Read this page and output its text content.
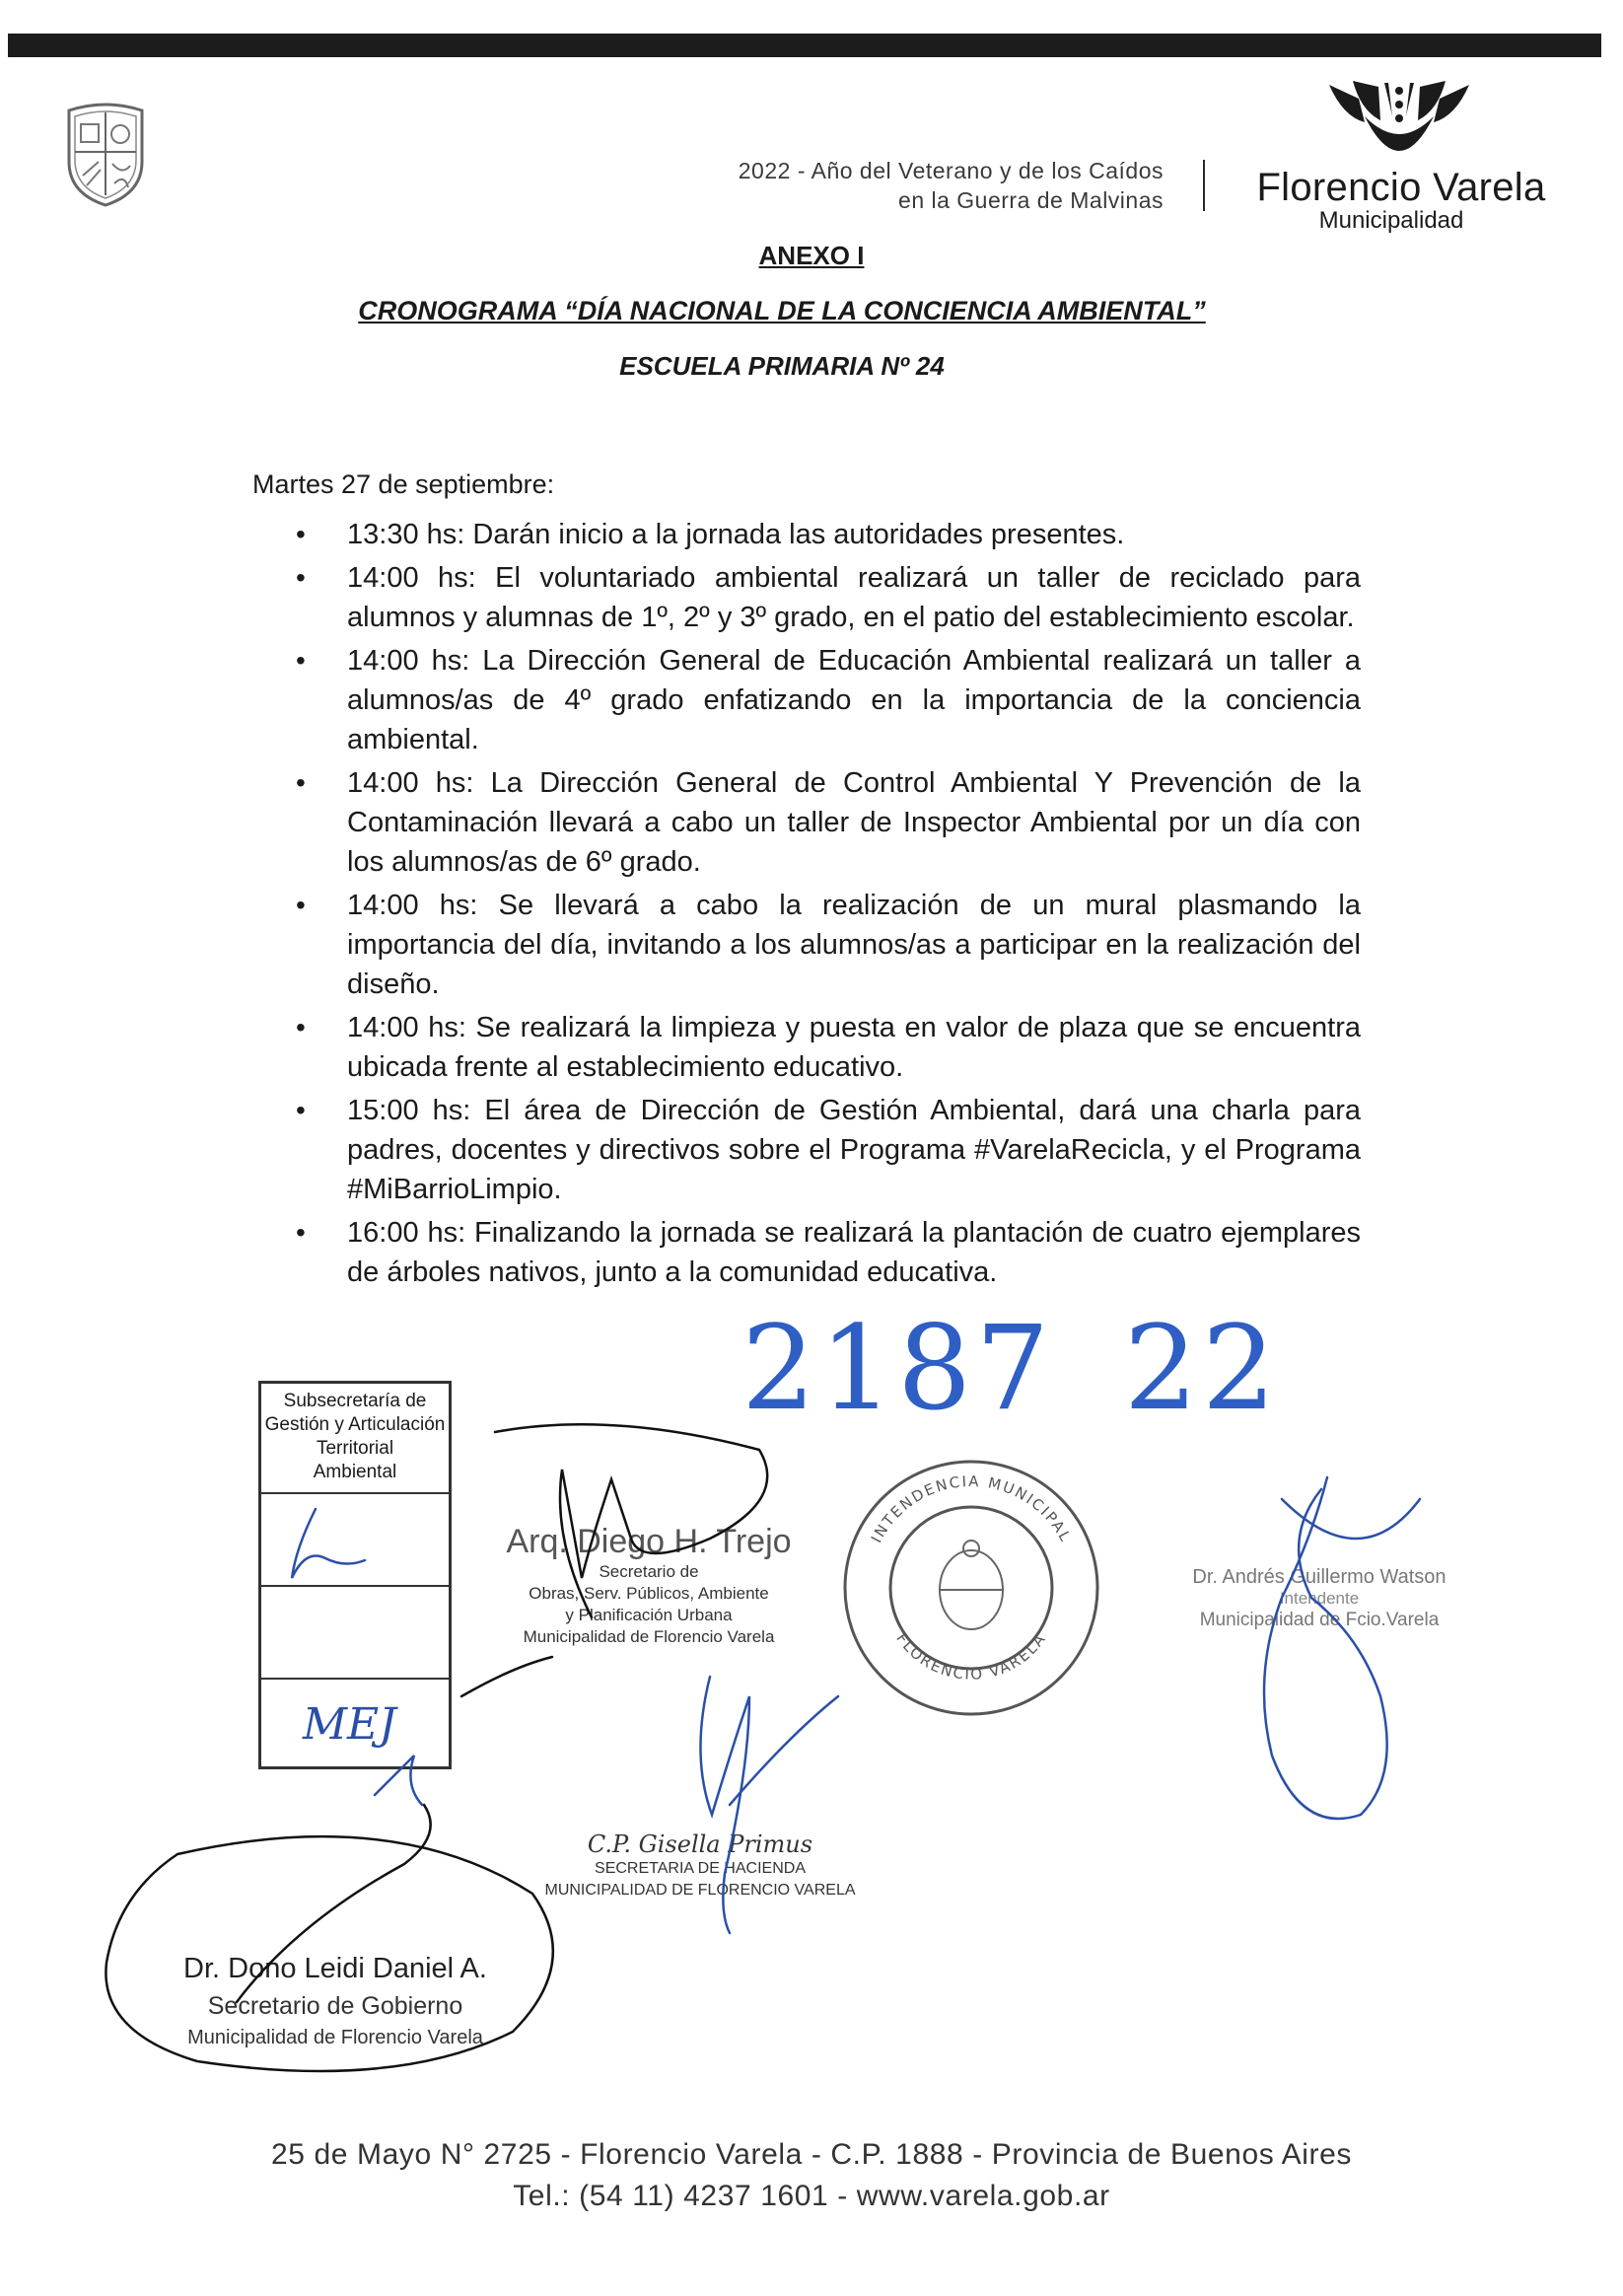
2022 - Año del Veterano y de los Caídos
en la Guerra de Malvinas Florencio Varela
Municipalidad
ANEXO I
CRONOGRAMA “DÍA NACIONAL DE LA CONCIENCIA AMBIENTAL”
ESCUELA PRIMARIA Nº 24
Martes 27 de septiembre:
• 13:30 hs: Darán inicio a la jornada las autoridades presentes.
• 14:00 hs: El voluntariado ambiental realizará un taller de reciclado para alumnos y alumnas de 1º, 2º y 3º grado, en el patio del establecimiento escolar.
• 14:00 hs: La Dirección General de Educación Ambiental realizará un taller a alumnos/as de 4º grado enfatizando en la importancia de la conciencia ambiental.
• 14:00 hs: La Dirección General de Control Ambiental Y Prevención de la Contaminación llevará a cabo un taller de Inspector Ambiental por un día con los alumnos/as de 6º grado.
• 14:00 hs: Se llevará a cabo la realización de un mural plasmando la importancia del día, invitando a los alumnos/as a participar en la realización del diseño.
• 14:00 hs: Se realizará la limpieza y puesta en valor de plaza que se encuentra ubicada frente al establecimiento educativo.
• 15:00 hs: El área de Dirección de Gestión Ambiental, dará una charla para padres, docentes y directivos sobre el Programa #VarelaRecicla, y el Programa #MiBarrioLimpio.
• 16:00 hs: Finalizando la jornada se realizará la plantación de cuatro ejemplares de árboles nativos, junto a la comunidad educativa.
2187 22
Subsecretaría de
Gestión y Articulación
Territorial
Ambiental
MEJ
Arq. Diego H. Trejo
Secretario de
Obras, Serv. Públicos, Ambiente
y Planificación Urbana
Municipalidad de Florencio Varela
INTENDENCIA MUNICIPAL
FLORENCIO VARELA
Dr. Andrés Guillermo Watson
Intendente
Municipalidad de Fcio.Varela
C.P. Gisella Primus
SECRETARIA DE HACIENDA
MUNICIPALIDAD DE FLORENCIO VARELA
Dr. Dono Leidi Daniel A.
Secretario de Gobierno
Municipalidad de Florencio Varela
25 de Mayo N° 2725 - Florencio Varela - C.P. 1888 - Provincia de Buenos Aires
Tel.: (54 11) 4237 1601 - www.varela.gob.ar
